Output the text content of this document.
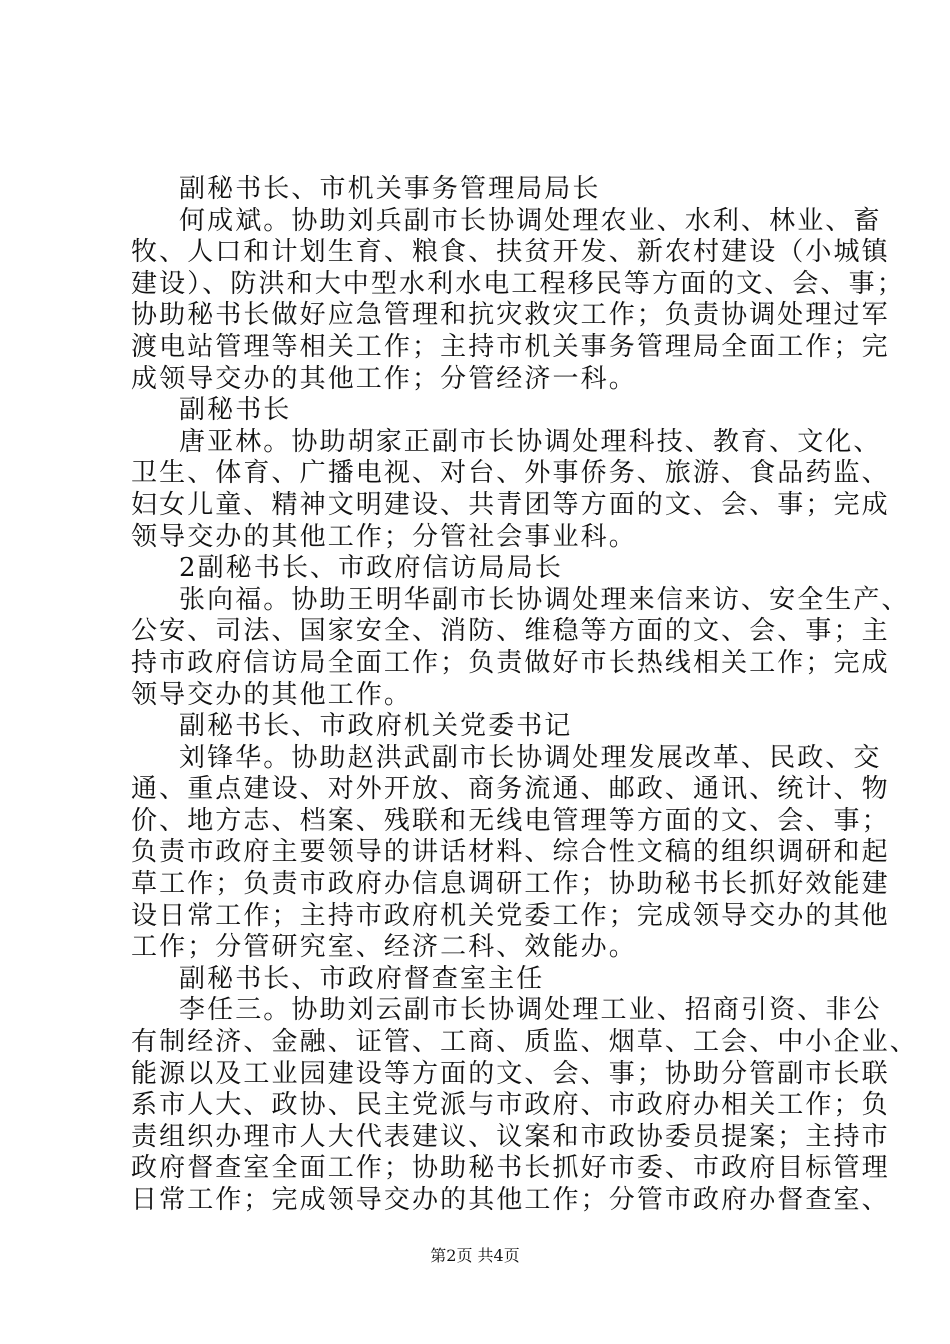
副秘书长、市机关事务管理局局长
何成斌。协助刘兵副市长协调处理农业、水利、林业、畜
牧、人口和计划生育、粮食、扶贫开发、新农村建设（小城镇
建设）、防洪和大中型水利水电工程移民等方面的文、会、事；
协助秘书长做好应急管理和抗灾救灾工作；负责协调处理过军
渡电站管理等相关工作；主持市机关事务管理局全面工作；完
成领导交办的其他工作；分管经济一科。
副秘书长
唐亚林。协助胡家正副市长协调处理科技、教育、文化、
卫生、体育、广播电视、对台、外事侨务、旅游、食品药监、
妇女儿童、精神文明建设、共青团等方面的文、会、事；完成
领导交办的其他工作；分管社会事业科。
2副秘书长、市政府信访局局长
张向福。协助王明华副市长协调处理来信来访、安全生产、
公安、司法、国家安全、消防、维稳等方面的文、会、事；主
持市政府信访局全面工作；负责做好市长热线相关工作；完成
领导交办的其他工作。
副秘书长、市政府机关党委书记
刘锋华。协助赵洪武副市长协调处理发展改革、民政、交
通、重点建设、对外开放、商务流通、邮政、通讯、统计、物
价、地方志、档案、残联和无线电管理等方面的文、会、事；
负责市政府主要领导的讲话材料、综合性文稿的组织调研和起
草工作；负责市政府办信息调研工作；协助秘书长抓好效能建
设日常工作；主持市政府机关党委工作；完成领导交办的其他
工作；分管研究室、经济二科、效能办。
副秘书长、市政府督查室主任
李任三。协助刘云副市长协调处理工业、招商引资、非公
有制经济、金融、证管、工商、质监、烟草、工会、中小企业、
能源以及工业园建设等方面的文、会、事；协助分管副市长联
系市人大、政协、民主党派与市政府、市政府办相关工作；负
责组织办理市人大代表建议、议案和市政协委员提案；主持市
政府督查室全面工作；协助秘书长抓好市委、市政府目标管理
日常工作；完成领导交办的其他工作；分管市政府办督查室、
第2页 共4页
